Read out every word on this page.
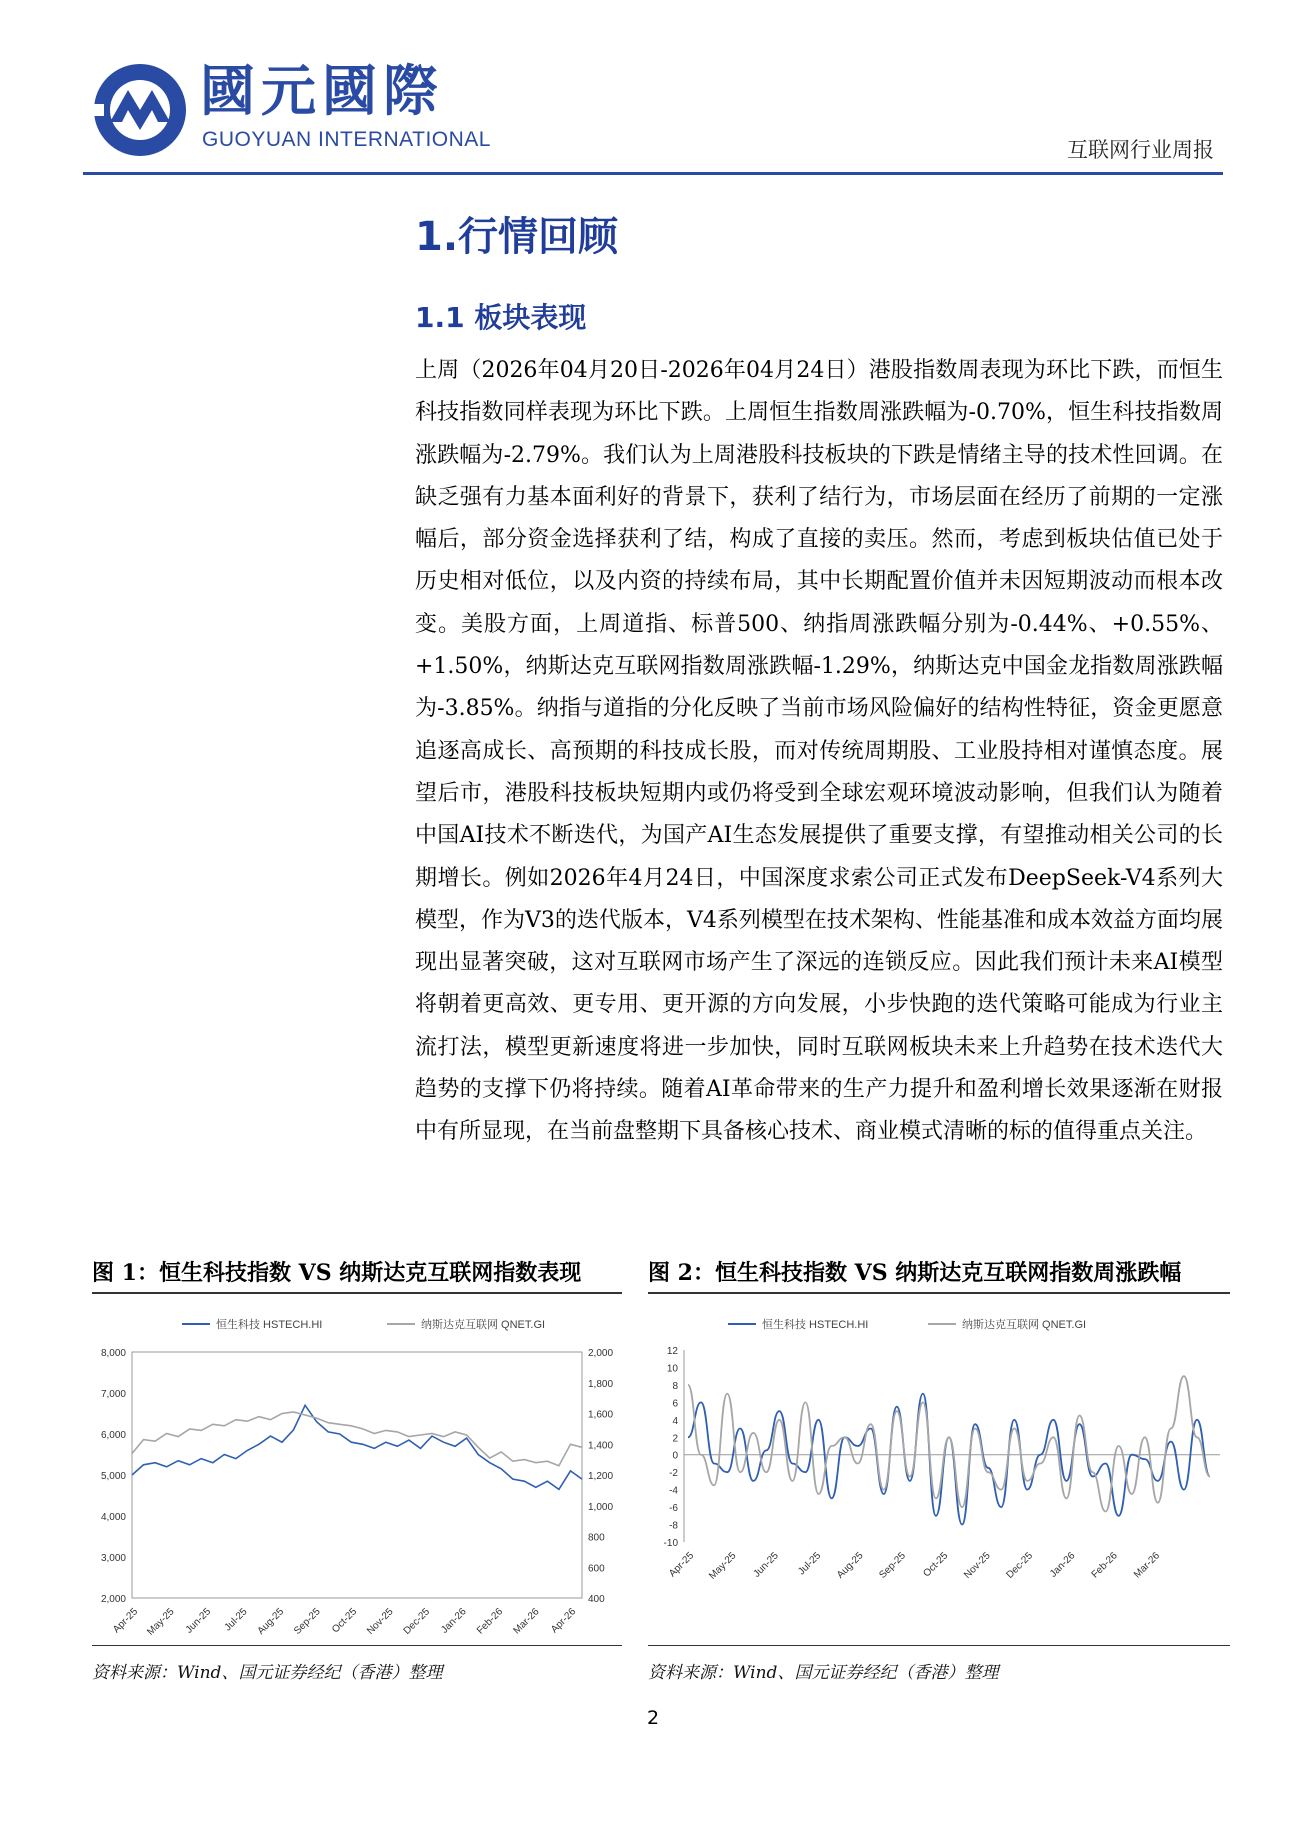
國元國際
GUOYUAN INTERNATIONAL	互联网行业周报
1.行情回顾
1.1 板块表现

上周（2026年04月20日-2026年04月24日）港股指数周表现为环比下跌，而恒生科技指数同样表现为环比下跌。上周恒生指数周涨跌幅为-0.70%，恒生科技指数周涨跌幅为-2.79%。我们认为上周港股科技板块的下跌是情绪主导的技术性回调。在缺乏强有力基本面利好的背景下，获利了结行为，市场层面在经历了前期的一定涨幅后，部分资金选择获利了结，构成了直接的卖压。然而，考虑到板块估值已处于历史相对低位，以及内资的持续布局，其中长期配置价值并未因短期波动而根本改变。美股方面，上周道指、标普500、纳指周涨跌幅分别为-0.44%、+0.55%、+1.50%，纳斯达克互联网指数周涨跌幅-1.29%，纳斯达克中国金龙指数周涨跌幅为-3.85%。纳指与道指的分化反映了当前市场风险偏好的结构性特征，资金更愿意追逐高成长、高预期的科技成长股，而对传统周期股、工业股持相对谨慎态度。展望后市，港股科技板块短期内或仍将受到全球宏观环境波动影响，但我们认为随着中国AI技术不断迭代，为国产AI生态发展提供了重要支撑，有望推动相关公司的长期增长。例如2026年4月24日，中国深度求索公司正式发布DeepSeek-V4系列大模型，作为V3的迭代版本，V4系列模型在技术架构、性能基准和成本效益方面均展现出显著突破，这对互联网市场产生了深远的连锁反应。因此我们预计未来AI模型将朝着更高效、更专用、更开源的方向发展，小步快跑的迭代策略可能成为行业主流打法，模型更新速度将进一步加快，同时互联网板块未来上升趋势在技术迭代大趋势的支撑下仍将持续。随着AI革命带来的生产力提升和盈利增长效果逐渐在财报中有所显现，在当前盘整期下具备核心技术、商业模式清晰的标的值得重点关注。

图 1：恒生科技指数 VS 纳斯达克互联网指数表现
恒生科技 HSTECH.HI	纳斯达克互联网 QNET.GI
2,000
3,000
4,000
5,000
6,000
7,000
8,000
400
600
800
1,000
1,200
1,400
1,600
1,800
2,000
Apr-25 May-25 Jun-25 Jul-25 Aug-25 Sep-25 Oct-25 Nov-25 Dec-25 Jan-26 Feb-26 Mar-26 Apr-26
资料来源：Wind、国元证券经纪（香港）整理
图 2：恒生科技指数 VS 纳斯达克互联网指数周涨跌幅
恒生科技 HSTECH.HI	纳斯达克互联网 QNET.GI
-10
-8
-6
-4
-2
0
2
4
6
8
10
12
Apr-25 May-25 Jun-25 Jul-25 Aug-25 Sep-25 Oct-25 Nov-25 Dec-25 Jan-26 Feb-26 Mar-26
资料来源：Wind、国元证券经纪（香港）整理
2
